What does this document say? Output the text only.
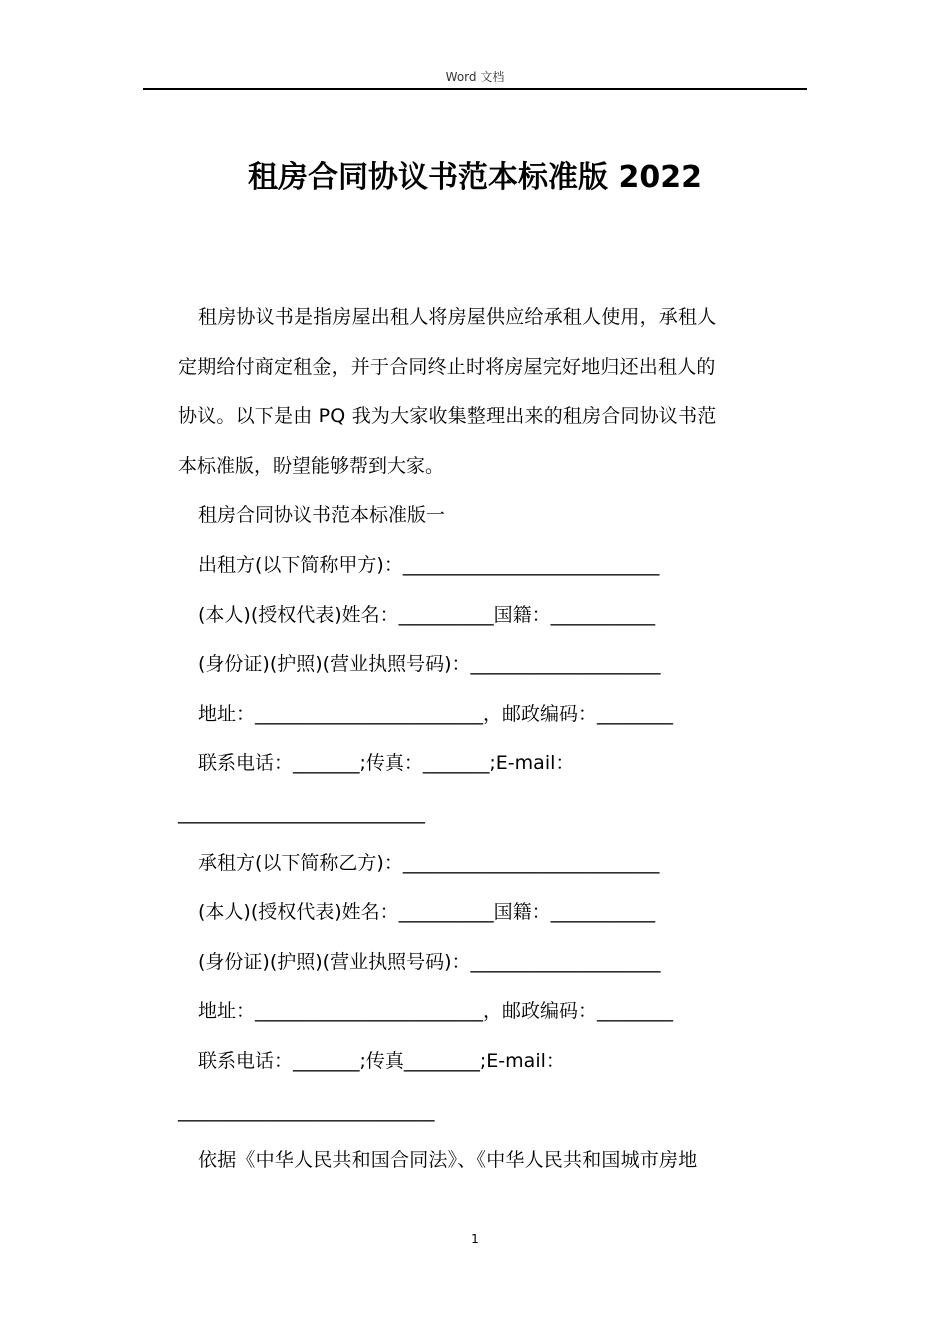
Word 文档
租房合同协议书范本标准版 2022

租房协议书是指房屋出租人将房屋供应给承租人使用，承租人

定期给付商定租金，并于合同终止时将房屋完好地归还出租人的

协议。以下是由 PQ 我为大家收集整理出来的租房合同协议书范

本标准版，盼望能够帮到大家。

租房合同协议书范本标准版一

出租方(以下简称甲方)：___________________________

(本人)(授权代表)姓名：__________国籍：___________

(身份证)(护照)(营业执照号码)：____________________

地址：________________________，邮政编码：________

联系电话：_______;传真：_______;E-mail：

__________________________

承租方(以下简称乙方)：___________________________

(本人)(授权代表)姓名：__________国籍：___________

(身份证)(护照)(营业执照号码)：____________________

地址：________________________，邮政编码：________

联系电话：_______;传真________;E-mail：

___________________________

依据《中华人民共和国合同法》、《中华人民共和国城市房地

1
